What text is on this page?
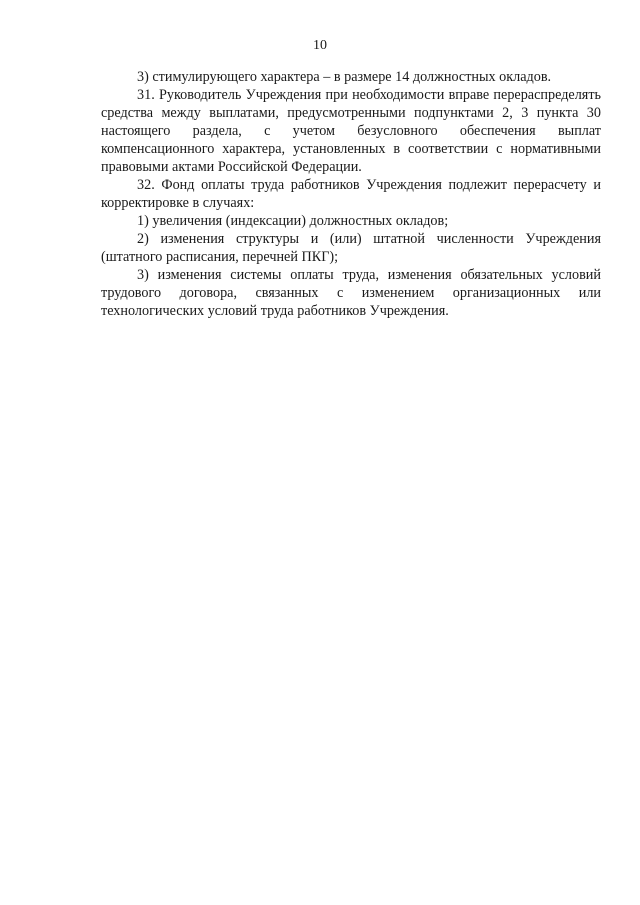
10

3) стимулирующего характера – в размере 14 должностных окладов.

31. Руководитель Учреждения при необходимости вправе перераспределять средства между выплатами, предусмотренными подпунктами 2, 3 пункта 30 настоящего раздела, с учетом безусловного обеспечения выплат компенсационного характера, установленных в соответствии с нормативными правовыми актами Российской Федерации.

32. Фонд оплаты труда работников Учреждения подлежит перерасчету и корректировке в случаях:

1) увеличения (индексации) должностных окладов;

2) изменения структуры и (или) штатной численности Учреждения (штатного расписания, перечней ПКГ);

3) изменения системы оплаты труда, изменения обязательных условий трудового договора, связанных с изменением организационных или технологических условий труда работников Учреждения.
